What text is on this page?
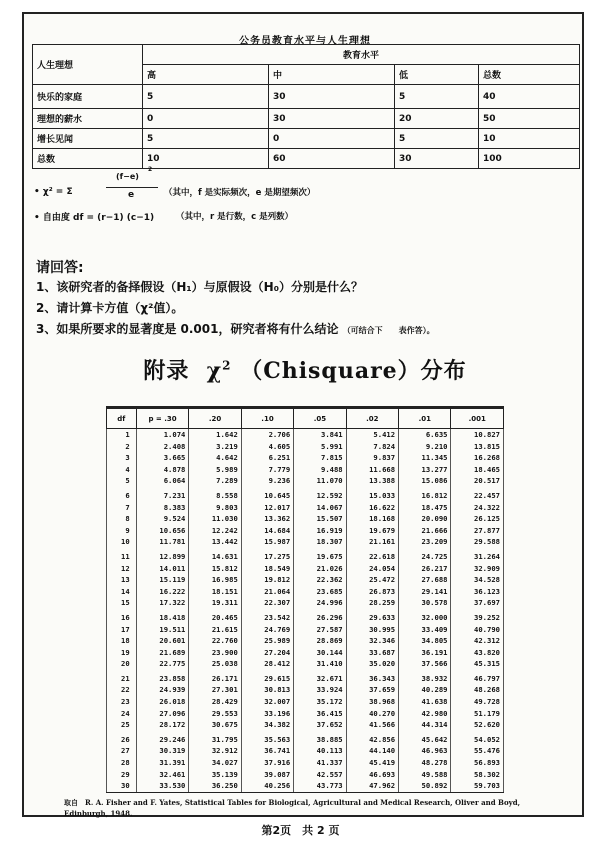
公务员教育水平与人生理想
人生理想	教育水平			
	高	中	低	总数
快乐的家庭	5	30	5	40
理想的薪水	0	30	20	50
增长见闻	5	0	5	10
总数	10	60	30	100
(f−e)
2
• χ² = Σ	e	（其中，f 是实际频次，e 是期望频次）
• 自由度 df = (r−1) (c−1)	（其中，r 是行数，c 是列数）
请回答:
1、该研究者的备择假设（H₁）与原假设（H₀）分别是什么？
2、请计算卡方值（χ²值）。
3、如果所要求的显著度是 0.001，研究者将有什么结论 （可结合下　　表作答）。
附录 $\chi^2$ （Chisquare）分布
df	p = .30	.20	.10	.05	.02	.01	.001
1	1.074	1.642	2.706	3.841	5.412	6.635	10.827
2	2.408	3.219	4.605	5.991	7.824	9.210	13.815
3	3.665	4.642	6.251	7.815	9.837	11.345	16.268
4	4.878	5.989	7.779	9.488	11.668	13.277	18.465
5	6.064	7.289	9.236	11.070	13.388	15.086	20.517
6	7.231	8.558	10.645	12.592	15.033	16.812	22.457
7	8.383	9.803	12.017	14.067	16.622	18.475	24.322
8	9.524	11.030	13.362	15.507	18.168	20.090	26.125
9	10.656	12.242	14.684	16.919	19.679	21.666	27.877
10	11.781	13.442	15.987	18.307	21.161	23.209	29.588
11	12.899	14.631	17.275	19.675	22.618	24.725	31.264
12	14.011	15.812	18.549	21.026	24.054	26.217	32.909
13	15.119	16.985	19.812	22.362	25.472	27.688	34.528
14	16.222	18.151	21.064	23.685	26.873	29.141	36.123
15	17.322	19.311	22.307	24.996	28.259	30.578	37.697
16	18.418	20.465	23.542	26.296	29.633	32.000	39.252
17	19.511	21.615	24.769	27.587	30.995	33.409	40.790
18	20.601	22.760	25.989	28.869	32.346	34.805	42.312
19	21.689	23.900	27.204	30.144	33.687	36.191	43.820
20	22.775	25.038	28.412	31.410	35.020	37.566	45.315
21	23.858	26.171	29.615	32.671	36.343	38.932	46.797
22	24.939	27.301	30.813	33.924	37.659	40.289	48.268
23	26.018	28.429	32.007	35.172	38.968	41.638	49.728
24	27.096	29.553	33.196	36.415	40.270	42.980	51.179
25	28.172	30.675	34.382	37.652	41.566	44.314	52.620
26	29.246	31.795	35.563	38.885	42.856	45.642	54.052
27	30.319	32.912	36.741	40.113	44.140	46.963	55.476
28	31.391	34.027	37.916	41.337	45.419	48.278	56.893
29	32.461	35.139	39.087	42.557	46.693	49.588	58.302
30	33.530	36.250	40.256	43.773	47.962	50.892	59.703
取自　R. A. Fisher and F. Yates, Statistical Tables for Biological, Agricultural and Medical Research, Oliver and Boyd, Edinburgh, 1948.
第2页　共 2 页
